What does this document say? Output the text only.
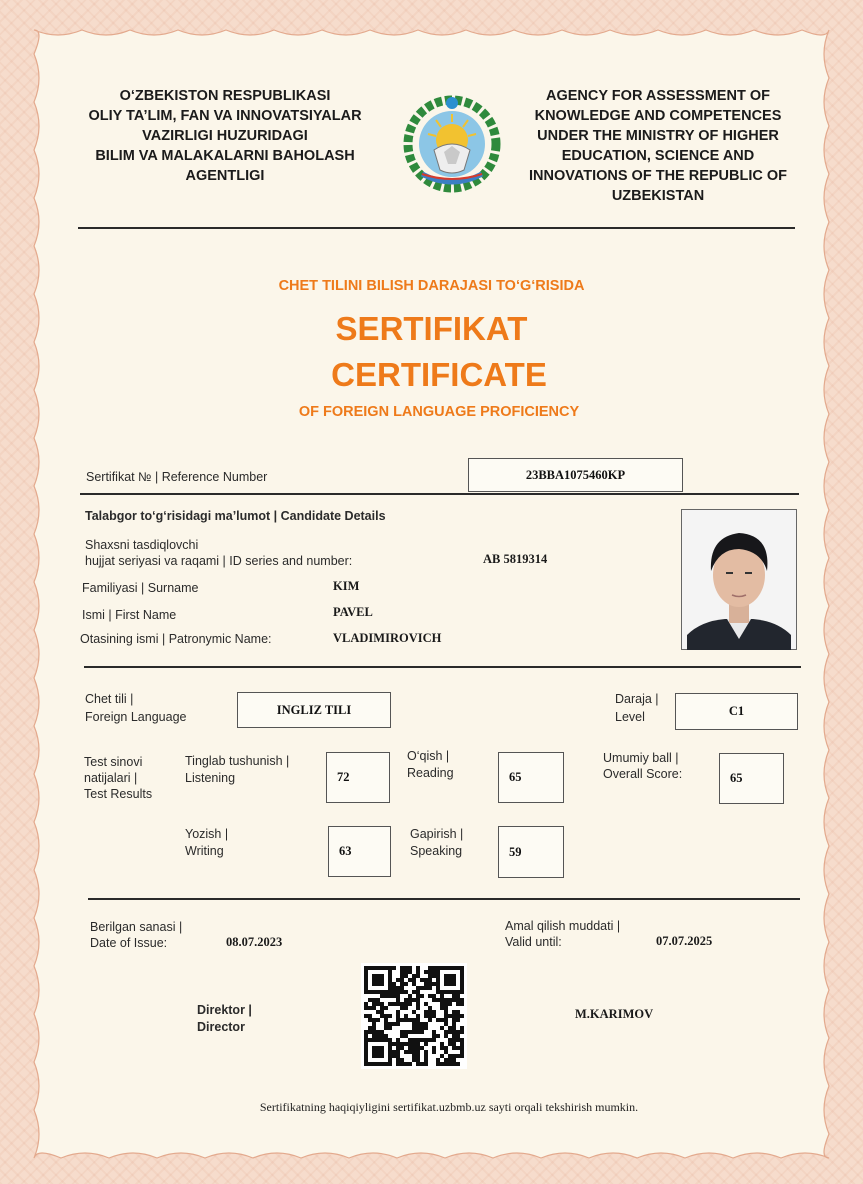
O‘ZBEKISTON RESPUBLIKASI
OLIY TA’LIM, FAN VA INNOVATSIYALAR
VAZIRLIGI HUZURIDAGI
BILIM VA MALAKALARNI BAHOLASH
AGENTLIGI
AGENCY FOR ASSESSMENT OF
KNOWLEDGE AND COMPETENCES
UNDER THE MINISTRY OF HIGHER
EDUCATION, SCIENCE AND
INNOVATIONS OF THE REPUBLIC OF
UZBEKISTAN
CHET TILINI BILISH DARAJASI TO‘G‘RISIDA
SERTIFIKAT
CERTIFICATE
OF FOREIGN LANGUAGE PROFICIENCY
Sertifikat № | Reference Number	23BBA1075460KP
Talabgor to‘g‘risidagi ma’lumot | Candidate Details
Shaxsni tasdiqlovchi
hujjat seriyasi va raqami | ID series and number:	AB 5819314
Familiyasi | Surname	KIM
Ismi | First Name	PAVEL
Otasining ismi | Patronymic Name:	VLADIMIROVICH
Chet tili |
Foreign Language
INGLIZ TILI
Daraja |
Level	C1
Test sinovi
natijalari |
Test Results
Tinglab tushunish |
Listening	72
O‘qish |
Reading	65
Umumiy ball |
Overall Score:	65
Yozish |
Writing	63
Gapirish |
Speaking	59
Berilgan sanasi |
Date of Issue:	08.07.2023
Amal qilish muddati |
Valid until:	07.07.2025
Direktor |
Director
M.KARIMOV
Sertifikatning haqiqiyligini sertifikat.uzbmb.uz sayti orqali tekshirish mumkin.
